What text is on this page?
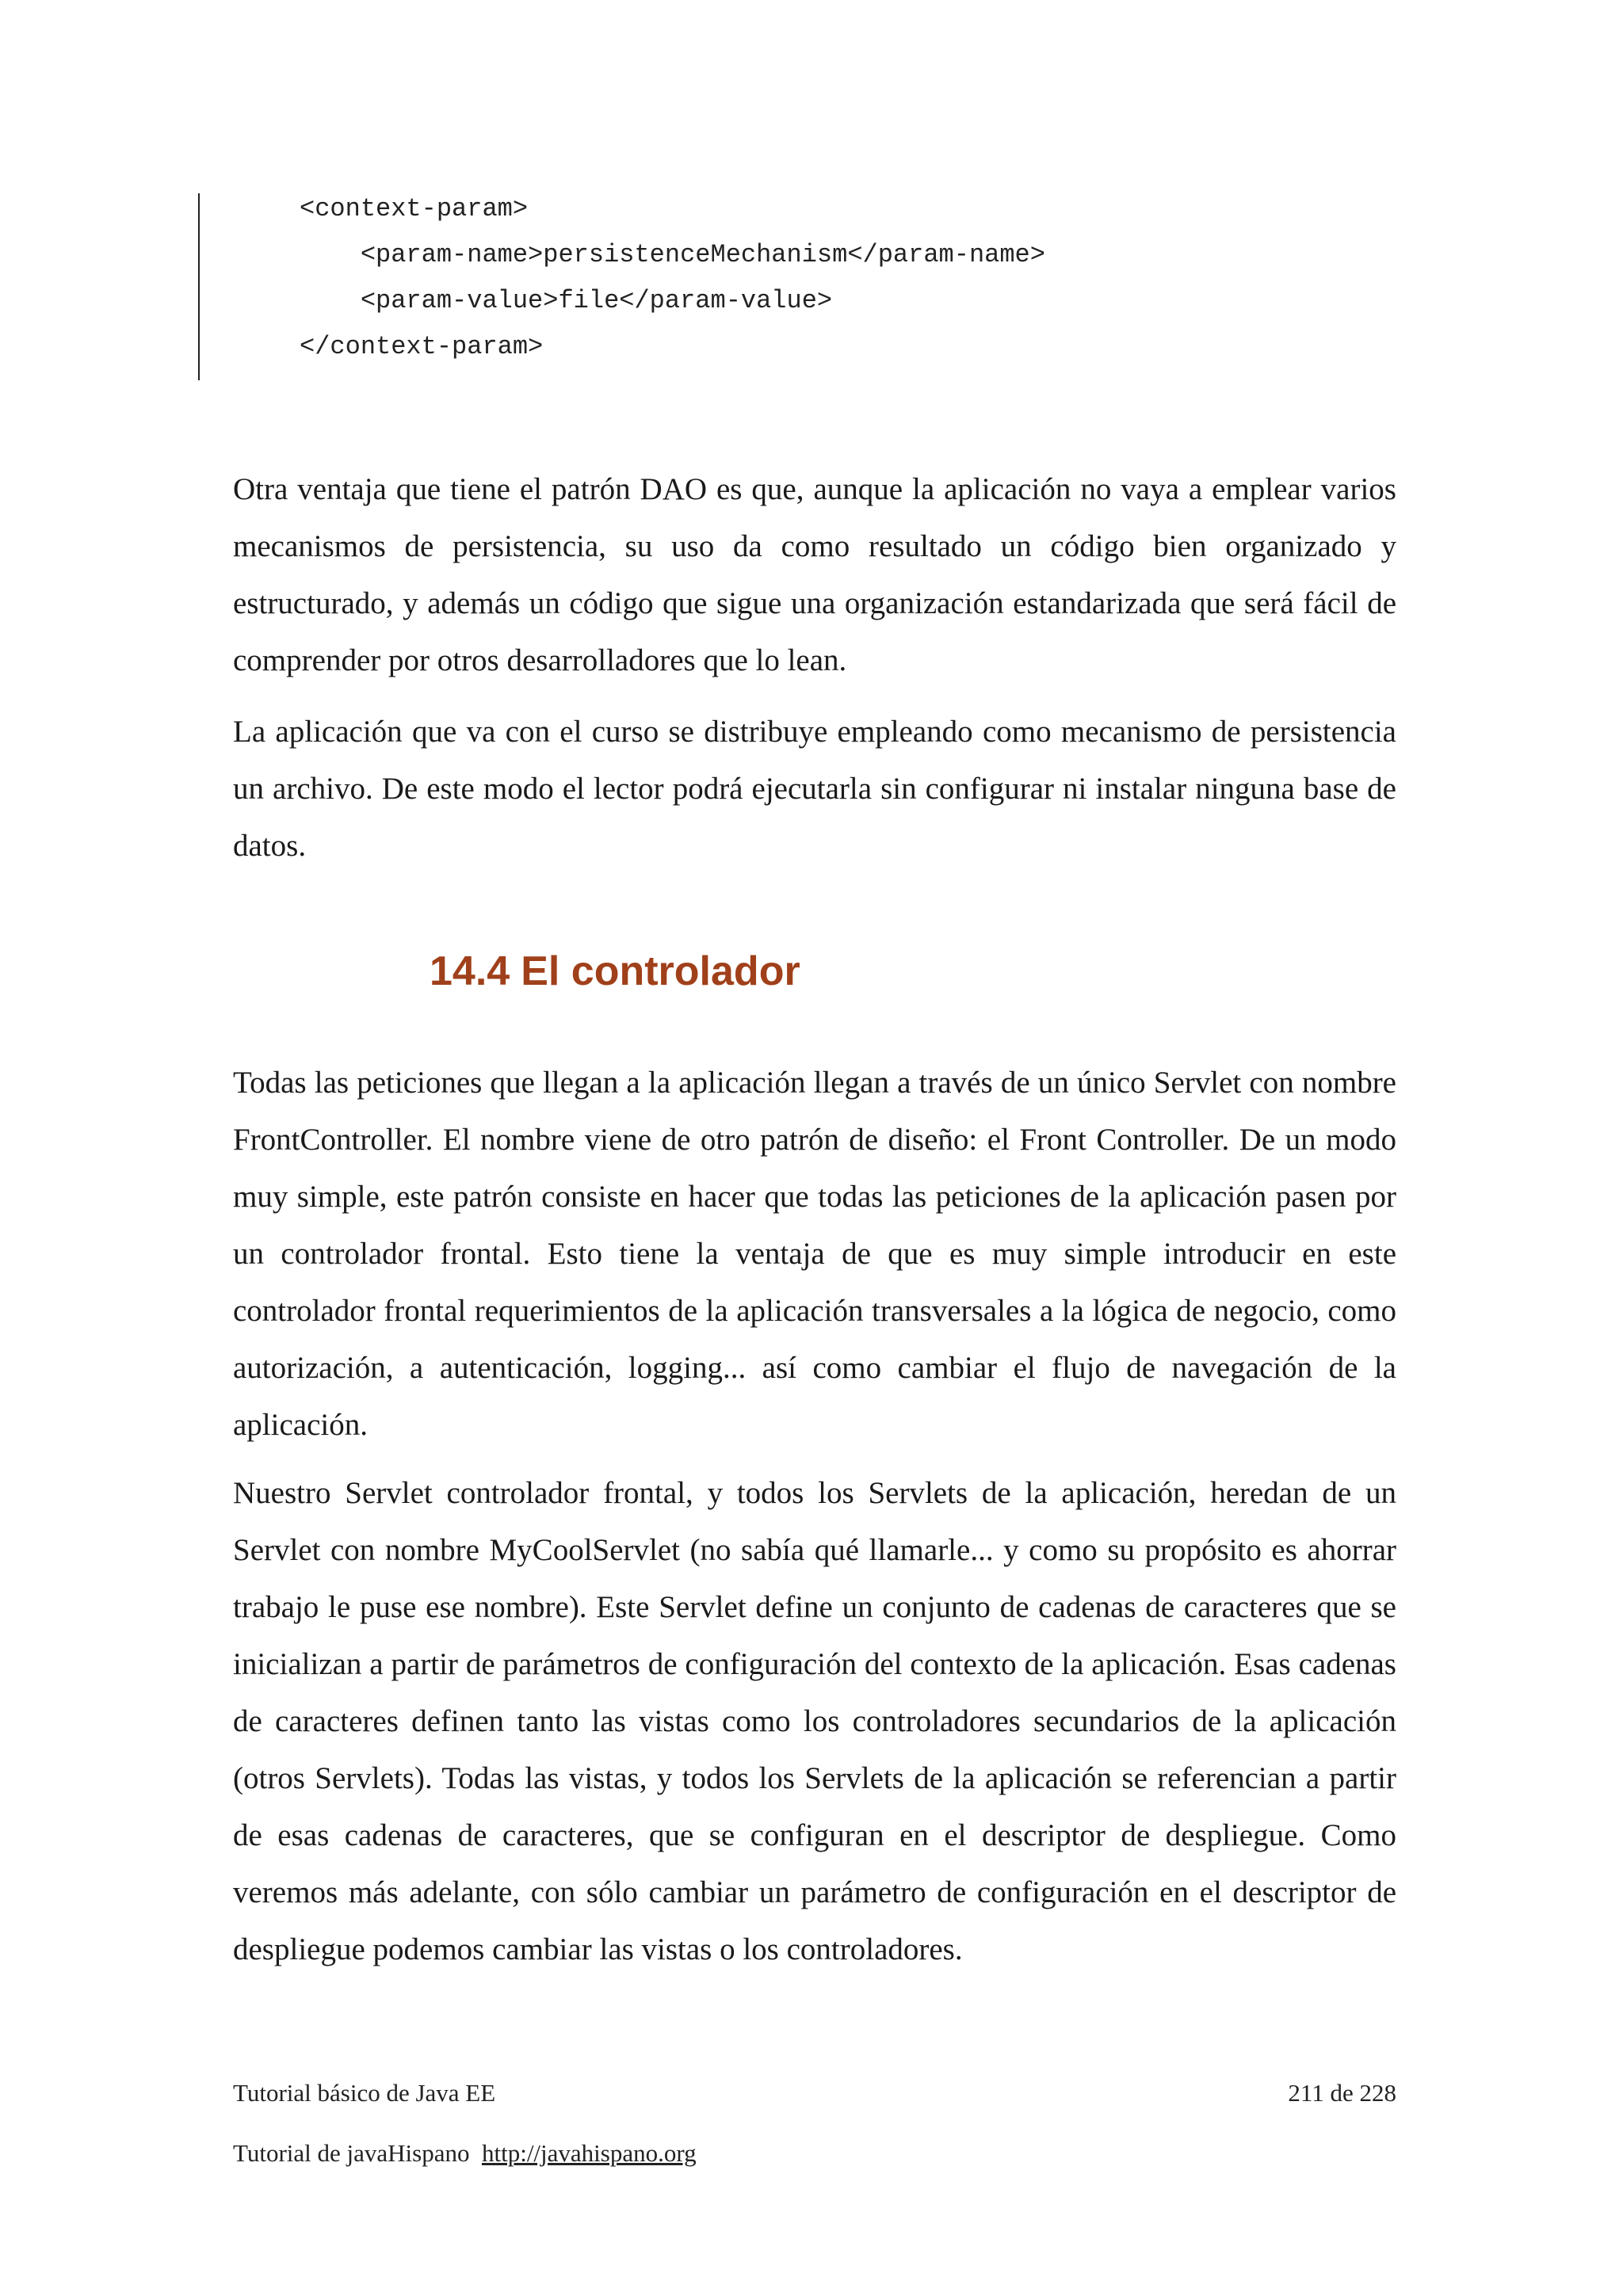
<context-param>
<param-name>persistenceMechanism</param-name>
<param-value>file</param-value>
</context-param>

Otra ventaja que tiene el patrón DAO es que, aunque la aplicación no vaya a emplear varios mecanismos de persistencia, su uso da como resultado un código bien organizado y estructurado, y además un código que sigue una organización estandarizada que será fácil de comprender por otros desarrolladores que lo lean.

La aplicación que va con el curso se distribuye empleando como mecanismo de persistencia un archivo. De este modo el lector podrá ejecutarla sin configurar ni instalar ninguna base de datos.

14.4 El controlador

Todas las peticiones que llegan a la aplicación llegan a través de un único Servlet con nombre FrontController. El nombre viene de otro patrón de diseño: el Front Controller. De un modo muy simple, este patrón consiste en hacer que todas las peticiones de la aplicación pasen por un controlador frontal. Esto tiene la ventaja de que es muy simple introducir en este controlador frontal requerimientos de la aplicación transversales a la lógica de negocio, como autorización, a autenticación, logging... así como cambiar el flujo de navegación de la aplicación.

Nuestro Servlet controlador frontal, y todos los Servlets de la aplicación, heredan de un Servlet con nombre MyCoolServlet (no sabía qué llamarle... y como su propósito es ahorrar trabajo le puse ese nombre). Este Servlet define un conjunto de cadenas de caracteres que se inicializan a partir de parámetros de configuración del contexto de la aplicación. Esas cadenas de caracteres definen tanto las vistas como los controladores secundarios de la aplicación (otros Servlets). Todas las vistas, y todos los Servlets de la aplicación se referencian a partir de esas cadenas de caracteres, que se configuran en el descriptor de despliegue. Como veremos más adelante, con sólo cambiar un parámetro de configuración en el descriptor de despliegue podemos cambiar las vistas o los controladores.

Tutorial básico de Java EE	211 de 228
Tutorial de javaHispano http://javahispano.org
